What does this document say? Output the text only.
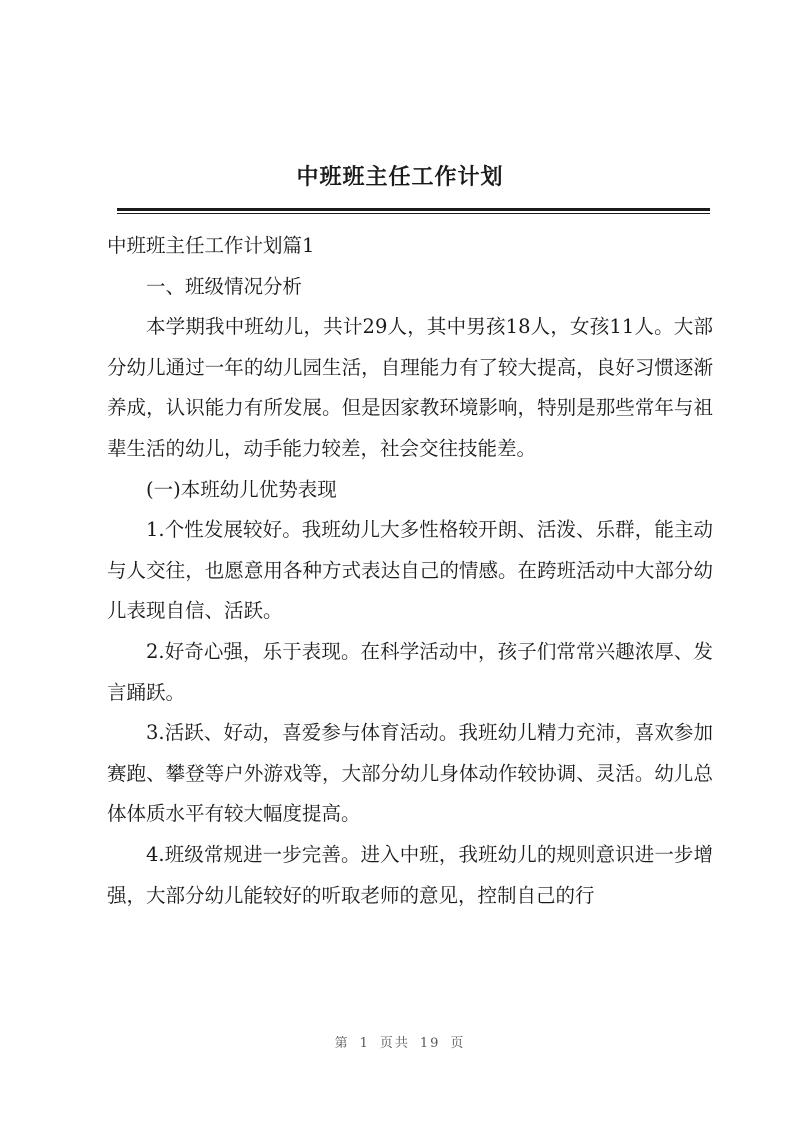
中班班主任工作计划

中班班主任工作计划篇1

一、班级情况分析

本学期我中班幼儿，共计29人，其中男孩18人，女孩11人。大部分幼儿通过一年的幼儿园生活，自理能力有了较大提高，良好习惯逐渐养成，认识能力有所发展。但是因家教环境影响，特别是那些常年与祖辈生活的幼儿，动手能力较差，社会交往技能差。

(一)本班幼儿优势表现

1.个性发展较好。我班幼儿大多性格较开朗、活泼、乐群，能主动与人交往，也愿意用各种方式表达自己的情感。在跨班活动中大部分幼儿表现自信、活跃。

2.好奇心强，乐于表现。在科学活动中，孩子们常常兴趣浓厚、发言踊跃。

3.活跃、好动，喜爱参与体育活动。我班幼儿精力充沛，喜欢参加赛跑、攀登等户外游戏等，大部分幼儿身体动作较协调、灵活。幼儿总体体质水平有较大幅度提高。

4.班级常规进一步完善。进入中班，我班幼儿的规则意识进一步增强，大部分幼儿能较好的听取老师的意见，控制自己的行

第 1 页共 19 页
